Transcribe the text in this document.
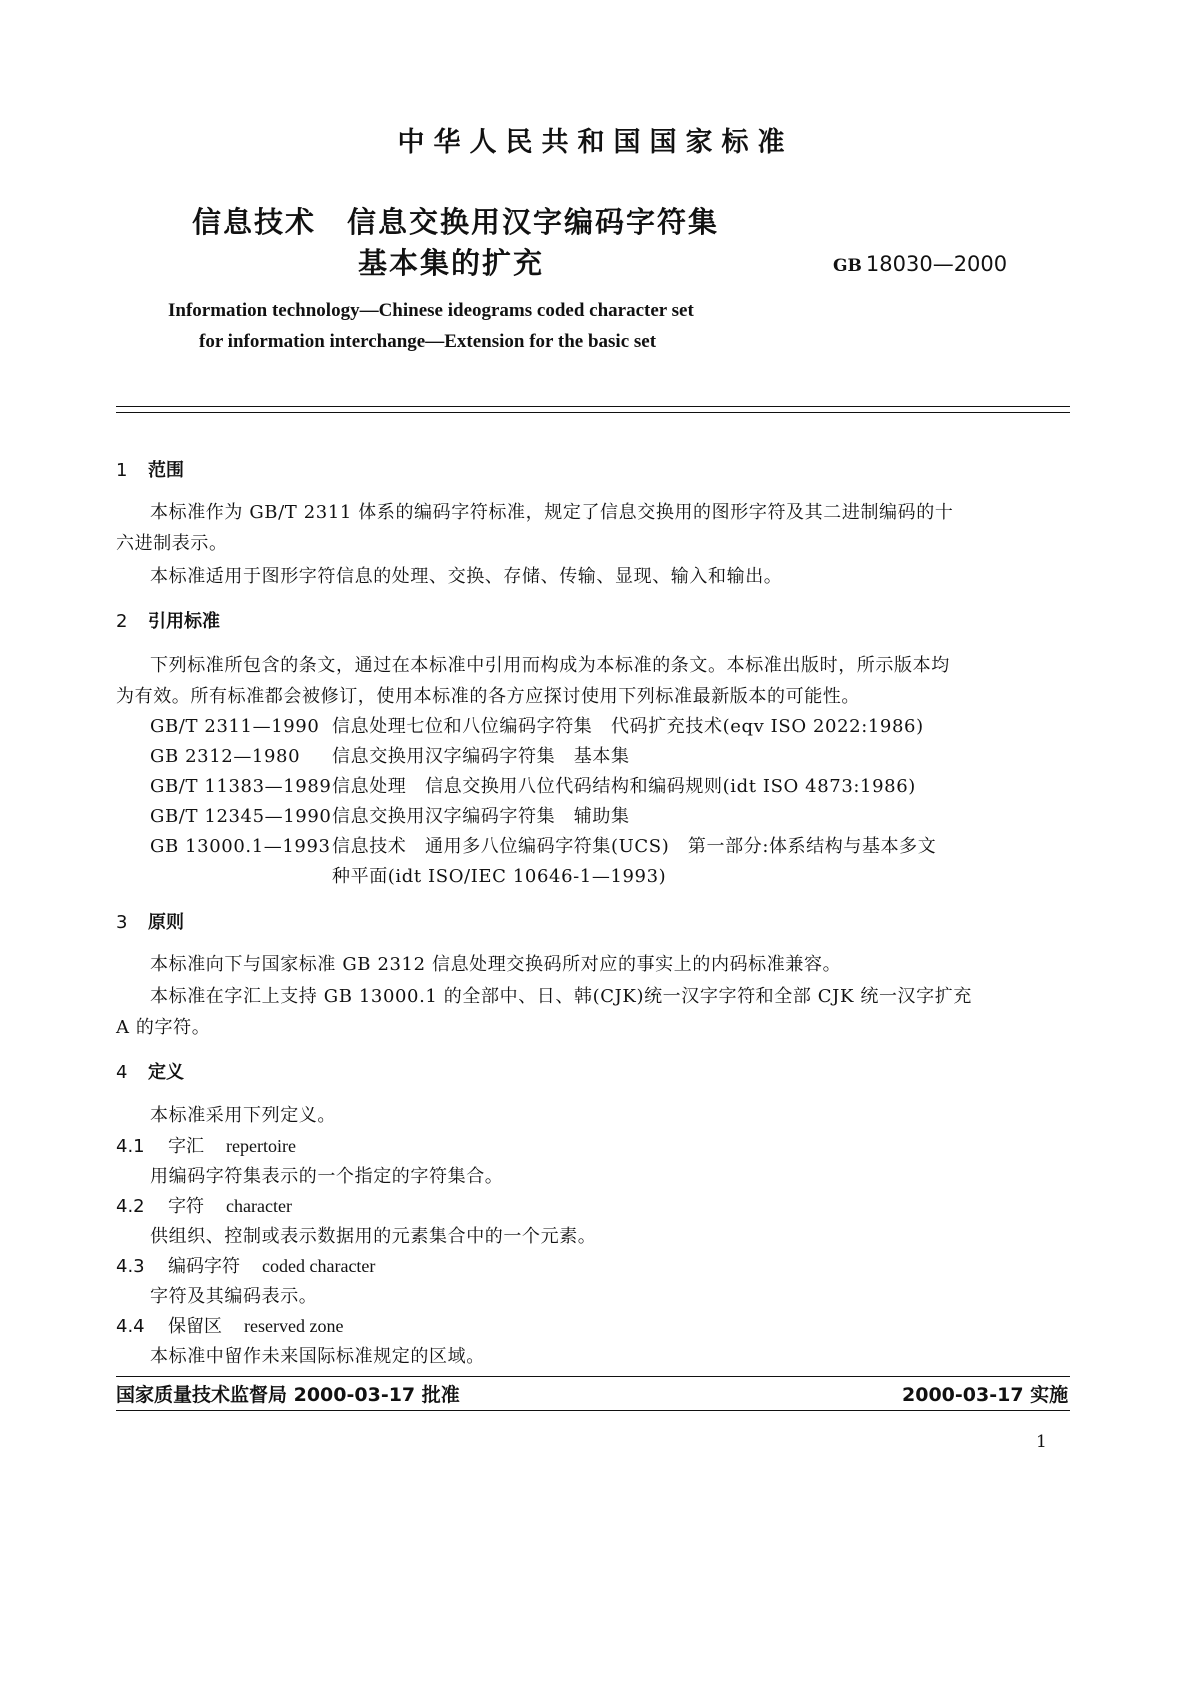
中华人民共和国国家标准
信息技术　信息交换用汉字编码字符集
基本集的扩充	GB 18030—2000
Information technology—Chinese ideograms coded character set
for information interchange—Extension for the basic set
1 范围
本标准作为 GB/T 2311 体系的编码字符标准，规定了信息交换用的图形字符及其二进制编码的十
六进制表示。
本标准适用于图形字符信息的处理、交换、存储、传输、显现、输入和输出。
2 引用标准
下列标准所包含的条文，通过在本标准中引用而构成为本标准的条文。本标准出版时，所示版本均
为有效。所有标准都会被修订，使用本标准的各方应探讨使用下列标准最新版本的可能性。
GB/T 2311—1990 信息处理七位和八位编码字符集　代码扩充技术(eqv ISO 2022:1986)
GB 2312—1980 信息交换用汉字编码字符集　基本集
GB/T 11383—1989信息处理　信息交换用八位代码结构和编码规则(idt ISO 4873:1986)
GB/T 12345—1990信息交换用汉字编码字符集　辅助集
GB 13000.1—1993信息技术　通用多八位编码字符集(UCS)　第一部分:体系结构与基本多文
种平面(idt ISO/IEC 10646-1—1993)
3 原则
本标准向下与国家标准 GB 2312 信息处理交换码所对应的事实上的内码标准兼容。
本标准在字汇上支持 GB 13000.1 的全部中、日、韩(CJK)统一汉字字符和全部 CJK 统一汉字扩充
A 的字符。
4 定义
本标准采用下列定义。
4.1 字汇 repertoire
用编码字符集表示的一个指定的字符集合。
4.2 字符 character
供组织、控制或表示数据用的元素集合中的一个元素。
4.3 编码字符 coded character
字符及其编码表示。
4.4 保留区 reserved zone
本标准中留作未来国际标准规定的区域。
国家质量技术监督局 2000-03-17 批准	2000-03-17 实施
1
